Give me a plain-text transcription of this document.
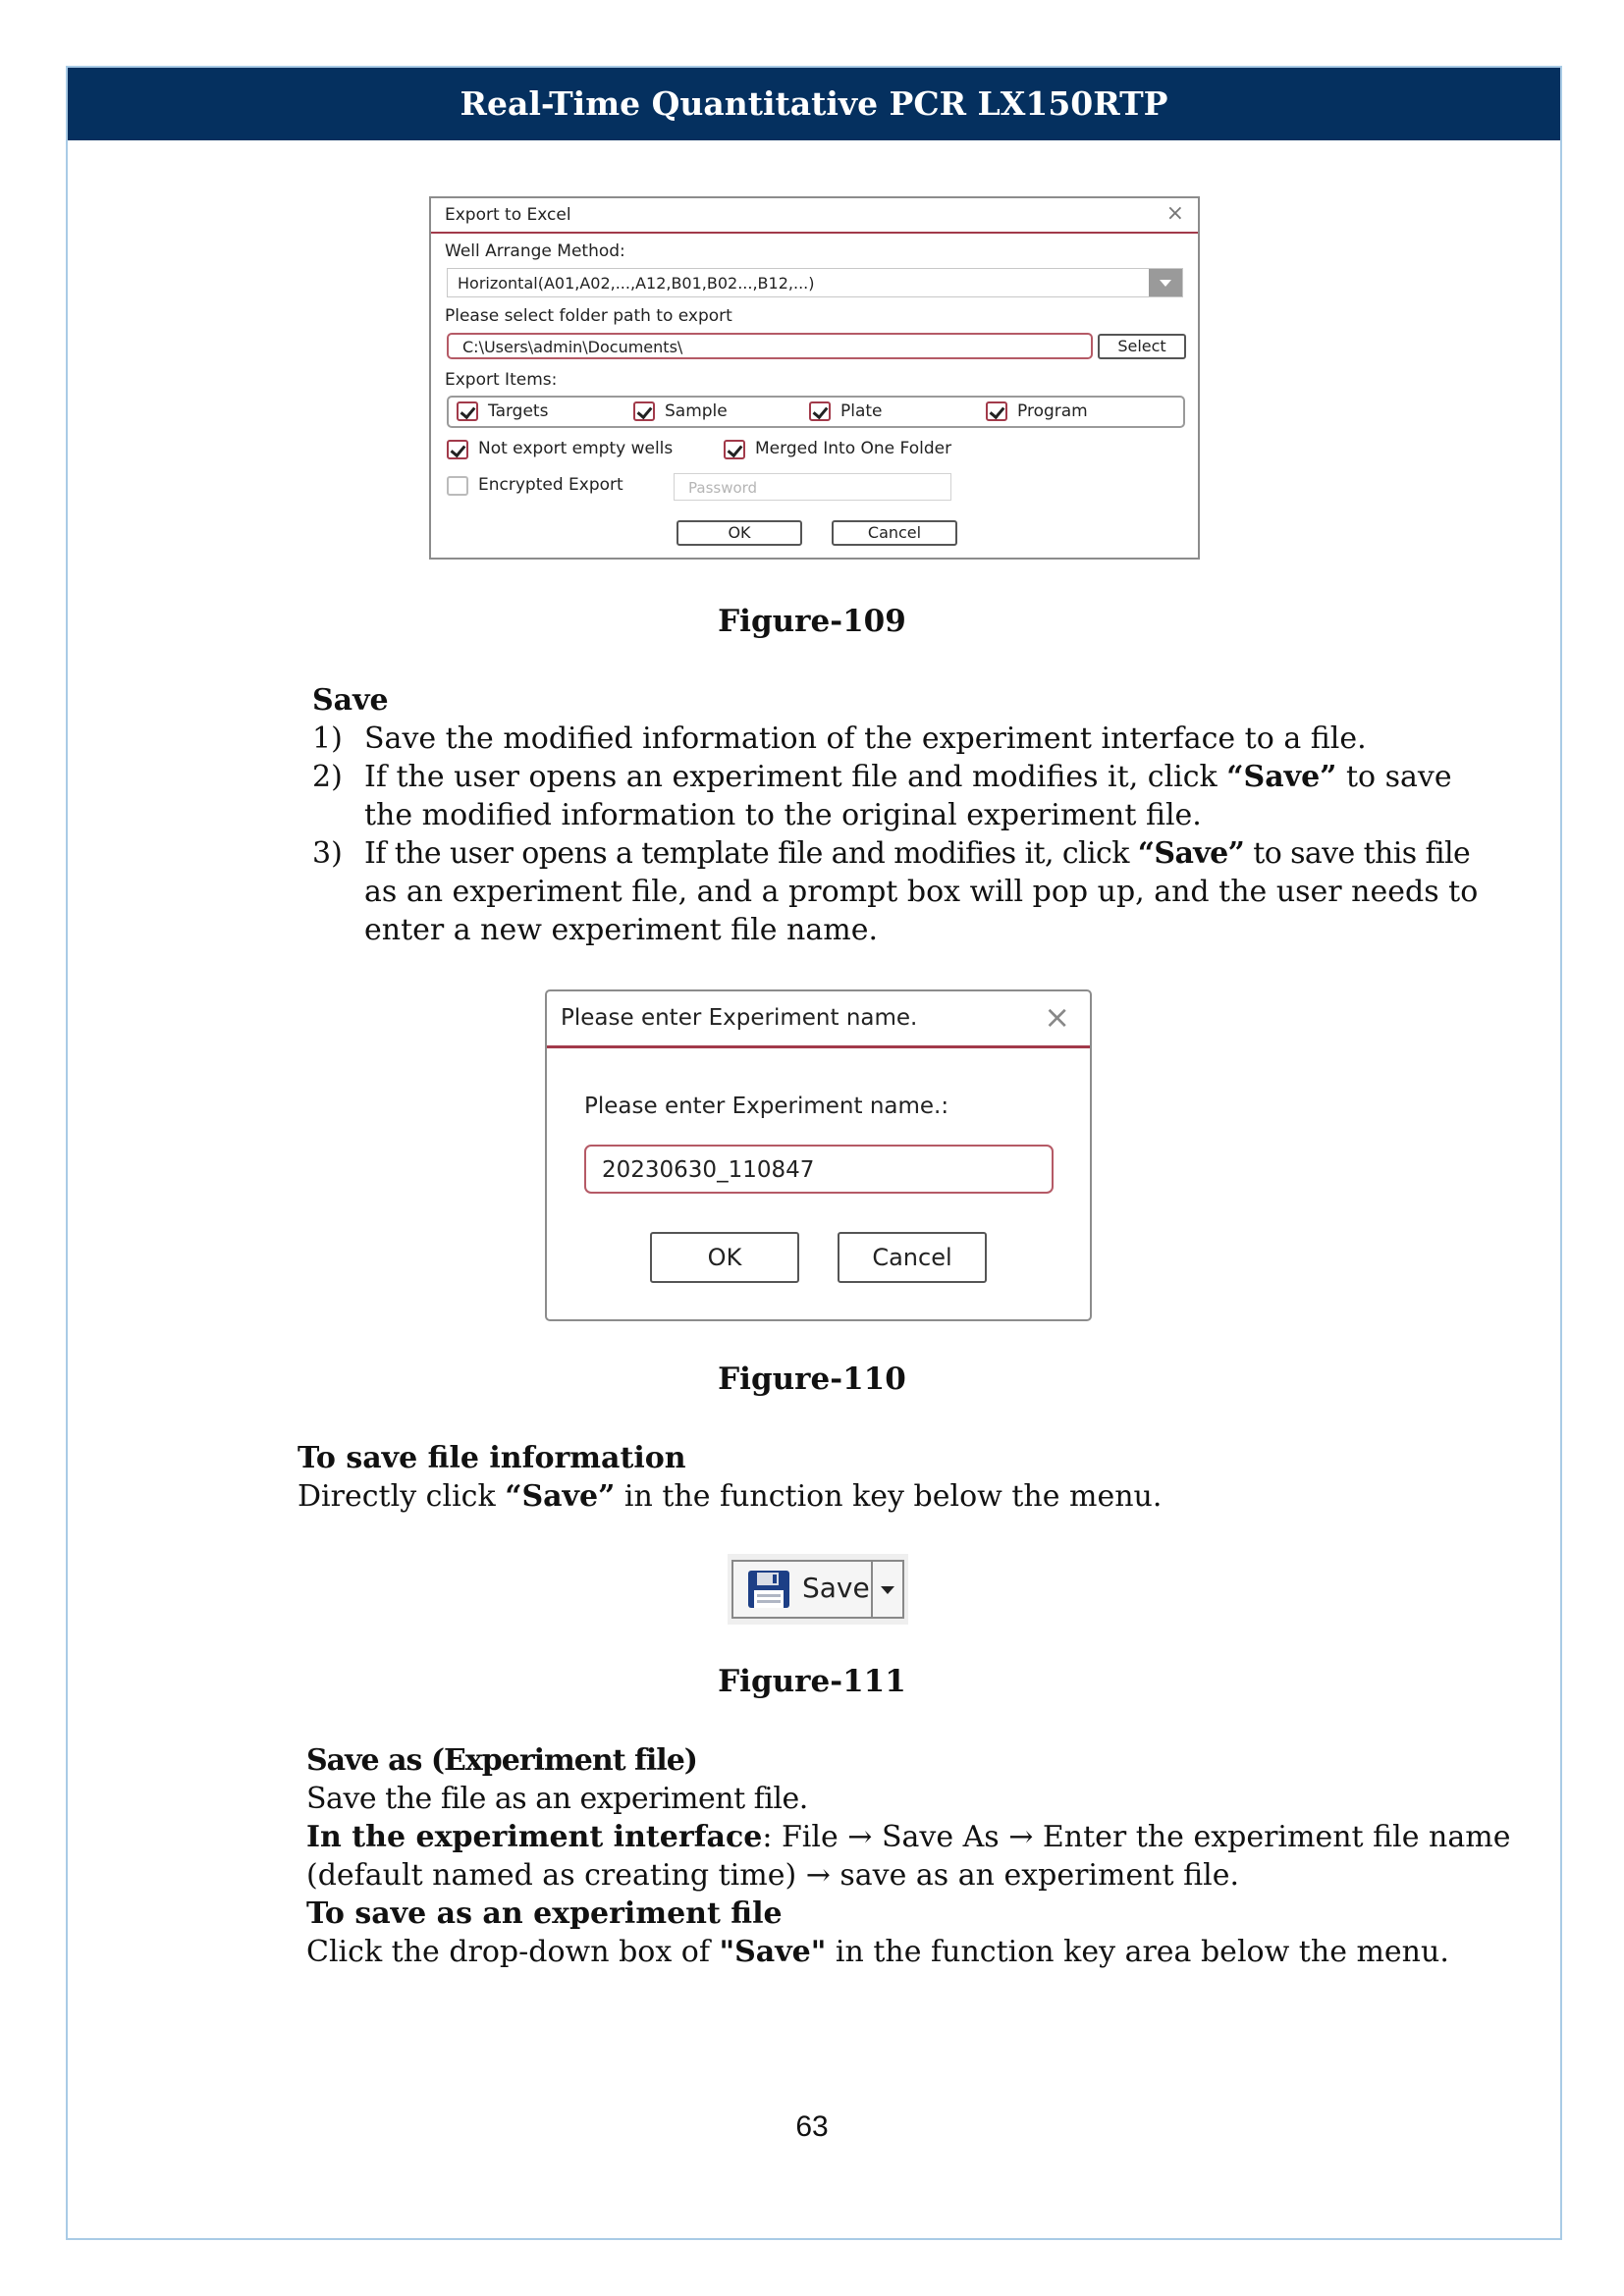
Real-Time Quantitative PCR LX150RTP
Export to Excel	×
Well Arrange Method:
Horizontal(A01,A02,...,A12,B01,B02...,B12,...)
Please select folder path to export
C:\Users\admin\Documents\	Select
Export Items:
Targets	Sample	Plate	Program
Not export empty wells	Merged Into One Folder
Encrypted Export	Password
OK	Cancel
Figure-109
Save
1) Save the modified information of the experiment interface to a file.
2) If the user opens an experiment file and modifies it, click “Save” to save
the modified information to the original experiment file.
3) If the user opens a template file and modifies it, click “Save” to save this file
as an experiment file, and a prompt box will pop up, and the user needs to
enter a new experiment file name.
Please enter Experiment name.	×
Please enter Experiment name.:
20230630_110847
OK	Cancel
Figure-110
To save file information
Directly click “Save” in the function key below the menu.
Save
Figure-111
Save as (Experiment file)
Save the file as an experiment file.
In the experiment interface: File → Save As → Enter the experiment file name
(default named as creating time) → save as an experiment file.
To save as an experiment file
Click the drop-down box of "Save" in the function key area below the menu.
63
